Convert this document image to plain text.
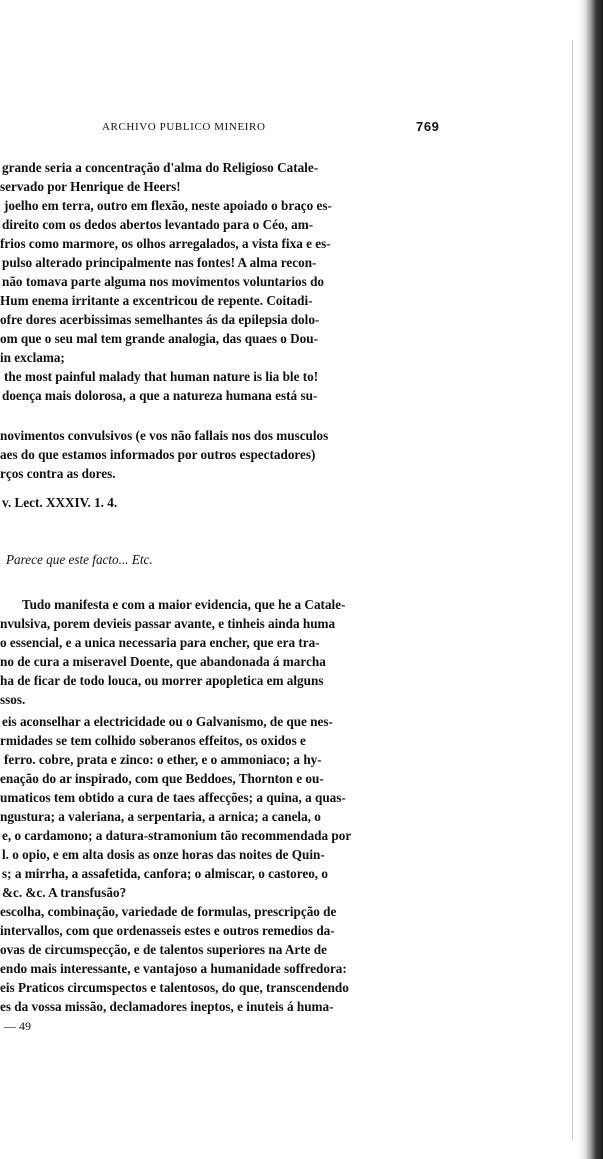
ARCHIVO PUBLICO MINEIRO	769
grande seria a concentração d'alma do Religioso Catale-
servado por Henrique de Heers!
joelho em terra, outro em flexão, neste apoiado o braço es-
direito com os dedos abertos levantado para o Céo, am-
frios como marmore, os olhos arregalados, a vista fixa e es-
pulso alterado principalmente nas fontes! A alma recon-
não tomava parte alguma nos movimentos voluntarios do
Hum enema irritante a excentricou de repente. Coitadi-
ofre dores acerbissimas semelhantes ás da epilepsia dolo-
om que o seu mal tem grande analogia, das quaes o Dou-
in exclama;
the most painful malady that human nature is lia ble to!
doença mais dolorosa, a que a natureza humana está su-
novimentos convulsivos (e vos não fallais nos dos musculos
aes do que estamos informados por outros espectadores)
rços contra as dores.
v. Lect. XXXIV. 1. 4.
Parece que este facto... Etc.
Tudo manifesta e com a maior evidencia, que he a Catale-
nvulsiva, porem devieis passar avante, e tinheis ainda huma
o essencial, e a unica necessaria para encher, que era tra-
no de cura a miseravel Doente, que abandonada á marcha
ha de ficar de todo louca, ou morrer apopletica em alguns
ssos.
eis aconselhar a electricidade ou o Galvanismo, de que nes-
rmidades se tem colhido soberanos effeitos, os oxidos e
ferro. cobre, prata e zinco: o ether, e o ammoniaco; a hy-
enação do ar inspirado, com que Beddoes, Thornton e ou-
umaticos tem obtido a cura de taes affecções; a quina, a quas-
ngustura; a valeriana, a serpentaria, a arnica; a canela, o
e, o cardamono; a datura-stramonium tão recommendada por
l. o opio, e em alta dosis as onze horas das noites de Quin-
s; a mirrha, a assafetida, canfora; o almiscar, o castoreo, o
&c. &c. A transfusão?
escolha, combinação, variedade de formulas, prescripção de
intervallos, com que ordenasseis estes e outros remedios da-
ovas de circumspecção, e de talentos superiores na Arte de
endo mais interessante, e vantajoso a humanidade soffredora:
eis Praticos circumspectos e talentosos, do que, transcendendo
es da vossa missão, declamadores ineptos, e inuteis á huma-
— 49
